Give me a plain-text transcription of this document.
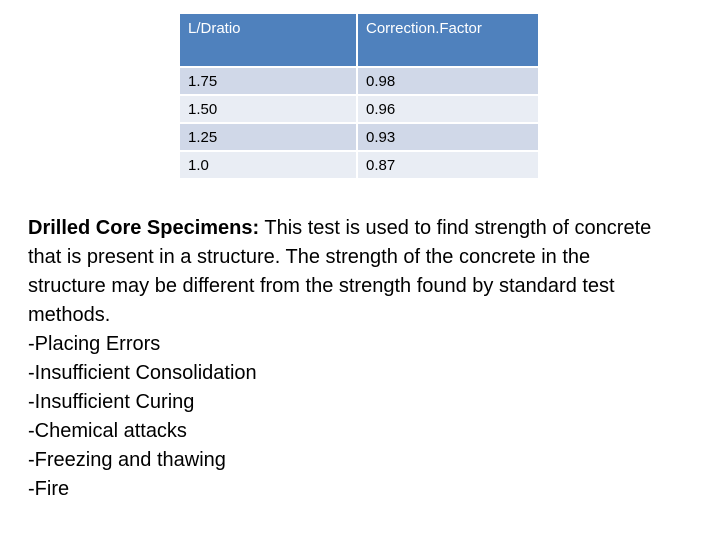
L/Dratio	Correction.Factor
1.75	0.98
1.50	0.96
1.25	0.93
1.0	0.87
Drilled Core Specimens: This test is used to find strength of concrete that is present in a structure. The strength of the concrete in the structure may be different from the strength found by standard test methods.
-Placing Errors
-Insufficient Consolidation
-Insufficient Curing
-Chemical attacks
-Freezing and thawing
-Fire
